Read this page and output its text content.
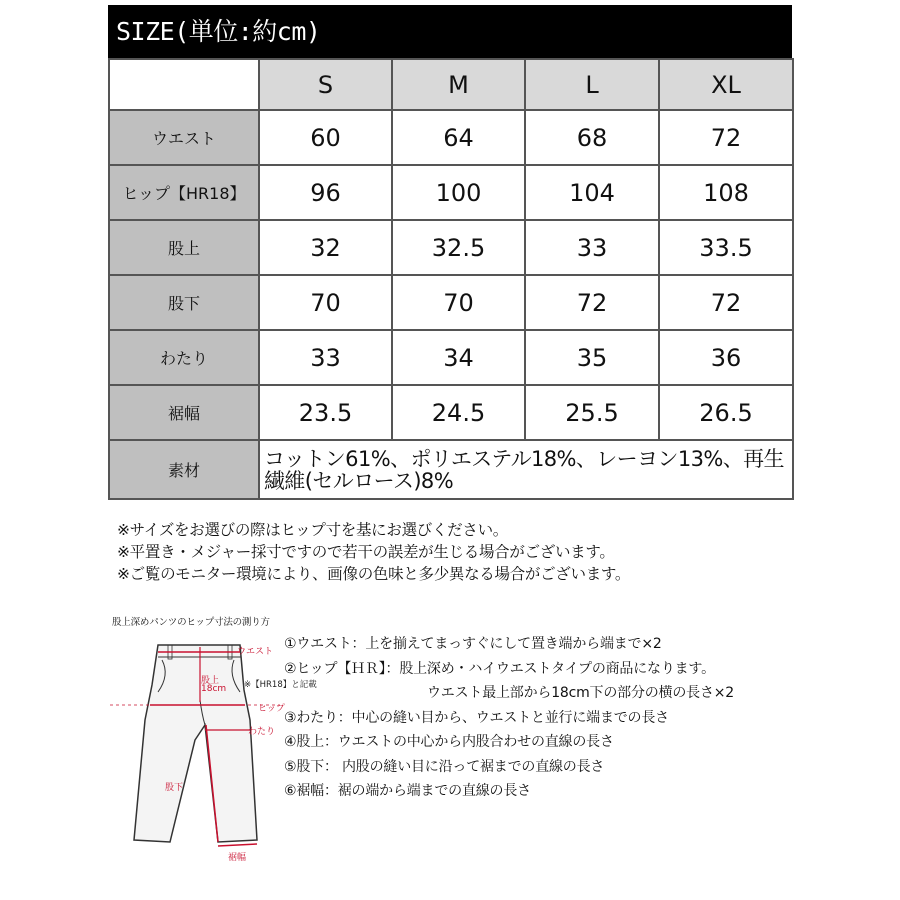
SIZE(単位:約cm)
	S	M	L	XL
ウエスト	60	64	68	72
ヒップ【HR18】	96	100	104	108
股上	32	32.5	33	33.5
股下	70	70	72	72
わたり	33	34	35	36
裾幅	23.5	24.5	25.5	26.5
素材	コットン61%、ポリエステル18%、レーヨン13%、再生
繊維(セルロース)8%			
※サイズをお選びの際はヒップ寸を基にお選びください。
※平置き・メジャー採寸ですので若干の誤差が生じる場合がございます。
※ご覧のモニター環境により、画像の色味と多少異なる場合がございます。
股上深めパンツのヒップ寸法の測り方
ウエスト
股上
18cm ※【HR18】と記載
ヒップ
わたり
股下
裾幅
①ウエスト：上を揃えてまっすぐにして置き端から端まで×2
②ヒップ【ＨＲ】：股上深め・ハイウエストタイプの商品になります。
ウエスト最上部から18cm下の部分の横の長さ×2
③わたり：中心の縫い目から、ウエストと並行に端までの長さ
④股上：ウエストの中心から内股合わせの直線の長さ
⑤股下： 内股の縫い目に沿って裾までの直線の長さ
⑥裾幅：裾の端から端までの直線の長さ
